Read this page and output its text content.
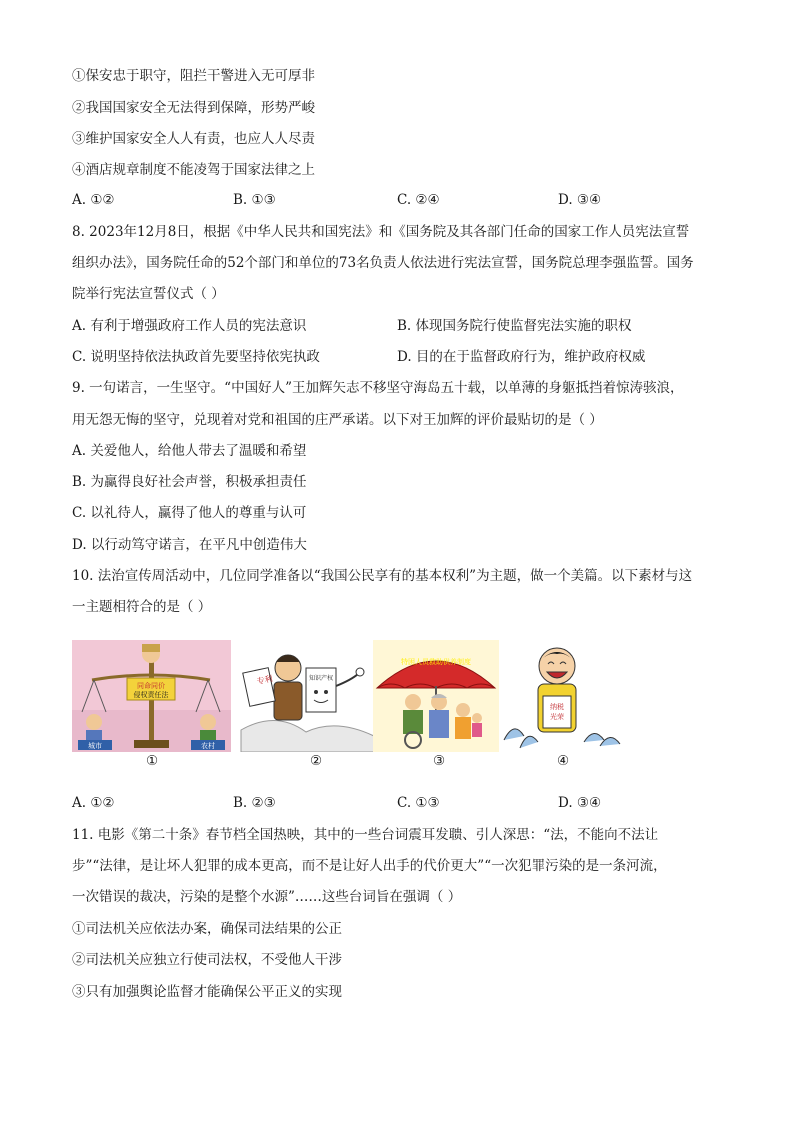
①保安忠于职守，阻拦干警进入无可厚非
②我国国家安全无法得到保障，形势严峻
③维护国家安全人人有责，也应人人尽责
④酒店规章制度不能凌驾于国家法律之上
A. ①②	B. ①③	C. ②④	D. ③④
8. 2023年12月8日，根据《中华人民共和国宪法》和《国务院及其各部门任命的国家工作人员宪法宣誓
组织办法》，国务院任命的52个部门和单位的73名负责人依法进行宪法宣誓，国务院总理李强监誓。国务
院举行宪法宣誓仪式（ ）
A. 有利于增强政府工作人员的宪法意识	B. 体现国务院行使监督宪法实施的职权
C. 说明坚持依法执政首先要坚持依宪执政	D. 目的在于监督政府行为，维护政府权威
9. 一句诺言，一生坚守。“中国好人”王加辉矢志不移坚守海岛五十载，以单薄的身躯抵挡着惊涛骇浪，
用无怨无悔的坚守，兑现着对党和祖国的庄严承诺。以下对王加辉的评价最贴切的是（ ）
A. 关爱他人，给他人带去了温暖和希望
B. 为赢得良好社会声誉，积极承担责任
C. 以礼待人，赢得了他人的尊重与认可
D. 以行动笃守诺言，在平凡中创造伟大
10. 法治宣传周活动中，几位同学准备以“我国公民享有的基本权利”为主题，做一个美篇。以下素材与这
一主题相符合的是（ ）
同命同价
侵权责任法
城市	农村
①
专利	知识产权
②
特困人员救助供养制度
③
纳税
光荣
④
A. ①②	B. ②③	C. ①③	D. ③④
11. 电影《第二十条》春节档全国热映，其中的一些台词震耳发聩、引人深思：“法，不能向不法让
步”“法律，是让坏人犯罪的成本更高，而不是让好人出手的代价更大”“一次犯罪污染的是一条河流，
一次错误的裁决，污染的是整个水源”……这些台词旨在强调（ ）
①司法机关应依法办案，确保司法结果的公正
②司法机关应独立行使司法权，不受他人干涉
③只有加强舆论监督才能确保公平正义的实现
